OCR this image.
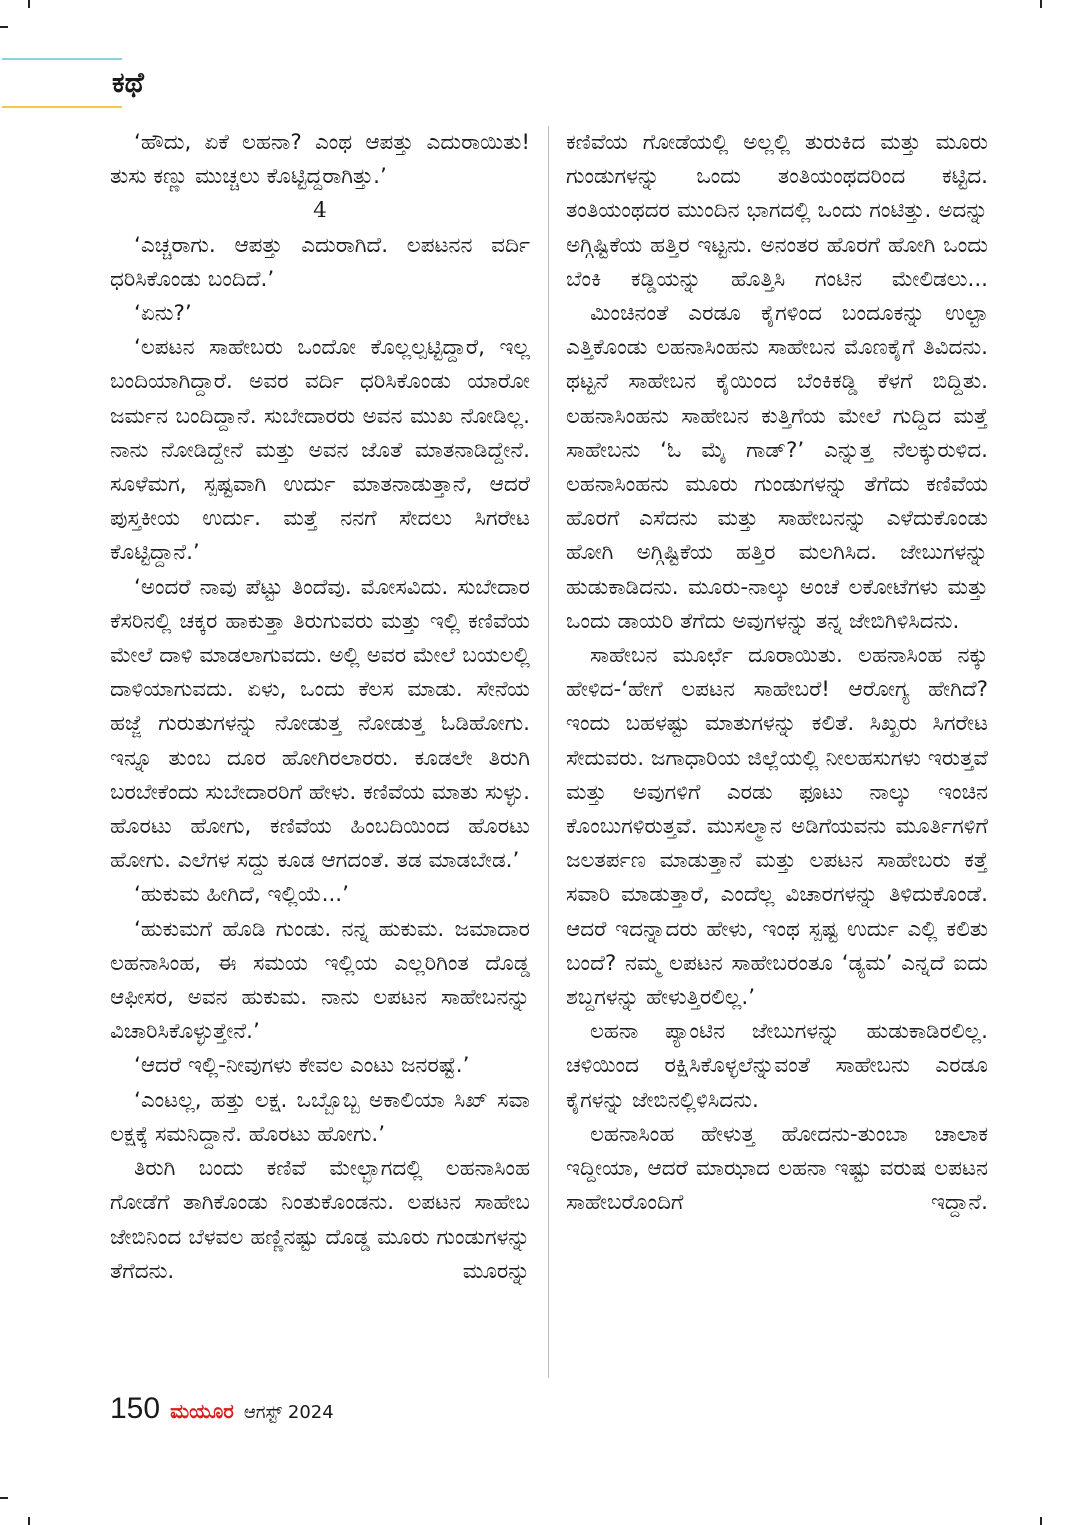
ಕಥೆ

‘ಹೌದು, ಏಕೆ ಲಹನಾ? ಎಂಥ ಆಪತ್ತು ಎದುರಾಯಿತು! ತುಸು ಕಣ್ಣು ಮುಚ್ಚಲು ಕೊಟ್ಟಿದ್ದರಾಗಿತ್ತು.’

4

‘ಎಚ್ಚರಾಗು. ಆಪತ್ತು ಎದುರಾಗಿದೆ. ಲಪಟನನ ವರ್ದಿ ಧರಿಸಿಕೊಂಡು ಬಂದಿದೆ.’

‘ಏನು?’

‘ಲಪಟನ ಸಾಹೇಬರು ಒಂದೋ ಕೊಲ್ಲಲ್ಪಟ್ಟಿದ್ದಾರೆ, ಇಲ್ಲ ಬಂದಿಯಾಗಿದ್ದಾರೆ. ಅವರ ವರ್ದಿ ಧರಿಸಿಕೊಂಡು ಯಾರೋ ಜರ್ಮನ ಬಂದಿದ್ದಾನೆ. ಸುಬೇದಾರರು ಅವನ ಮುಖ ನೋಡಿಲ್ಲ. ನಾನು ನೋಡಿದ್ದೇನೆ ಮತ್ತು ಅವನ ಜೊತೆ ಮಾತನಾಡಿದ್ದೇನೆ. ಸೂಳೆಮಗ, ಸ್ಪಷ್ಟವಾಗಿ ಉರ್ದು ಮಾತನಾಡುತ್ತಾನೆ, ಆದರೆ ಪುಸ್ತಕೀಯ ಉರ್ದು. ಮತ್ತೆ ನನಗೆ ಸೇದಲು ಸಿಗರೇಟ ಕೊಟ್ಟಿದ್ದಾನೆ.’

‘ಅಂದರೆ ನಾವು ಪೆಟ್ಟು ತಿಂದೆವು. ಮೋಸವಿದು. ಸುಬೇದಾರ ಕೆಸರಿನಲ್ಲಿ ಚಕ್ಕರ ಹಾಕುತ್ತಾ ತಿರುಗುವರು ಮತ್ತು ಇಲ್ಲಿ ಕಣಿವೆಯ ಮೇಲೆ ದಾಳಿ ಮಾಡಲಾಗುವದು. ಅಲ್ಲಿ ಅವರ ಮೇಲೆ ಬಯಲಲ್ಲಿ ದಾಳಿಯಾಗುವದು. ಏಳು, ಒಂದು ಕೆಲಸ ಮಾಡು. ಸೇನೆಯ ಹಜ್ಜೆ ಗುರುತುಗಳನ್ನು ನೋಡುತ್ತ ನೋಡುತ್ತ ಓಡಿಹೋಗು. ಇನ್ನೂ ತುಂಬ ದೂರ ಹೋಗಿರಲಾರರು. ಕೂಡಲೇ ತಿರುಗಿ ಬರಬೇಕೆಂದು ಸುಬೇದಾರರಿಗೆ ಹೇಳು. ಕಣಿವೆಯ ಮಾತು ಸುಳ್ಳು. ಹೊರಟು ಹೋಗು, ಕಣಿವೆಯ ಹಿಂಬದಿಯಿಂದ ಹೊರಟು ಹೋಗು. ಎಲೆಗಳ ಸದ್ದು ಕೂಡ ಆಗದಂತೆ. ತಡ ಮಾಡಬೇಡ.’

‘ಹುಕುಮ ಹೀಗಿದೆ, ಇಲ್ಲಿಯೆ...’

‘ಹುಕುಮಗೆ ಹೊಡಿ ಗುಂಡು. ನನ್ನ ಹುಕುಮ. ಜಮಾದಾರ ಲಹನಾಸಿಂಹ, ಈ ಸಮಯ ಇಲ್ಲಿಯ ಎಲ್ಲರಿಗಿಂತ ದೊಡ್ಡ ಆಫೀಸರ, ಅವನ ಹುಕುಮ. ನಾನು ಲಪಟನ ಸಾಹೇಬನನ್ನು ವಿಚಾರಿಸಿಕೊಳ್ಳುತ್ತೇನೆ.’

‘ಆದರೆ ಇಲ್ಲಿ-ನೀವುಗಳು ಕೇವಲ ಎಂಟು ಜನರಷ್ಟೆ.’

‘ಎಂಟಲ್ಲ, ಹತ್ತು ಲಕ್ಷ. ಒಬ್ಬೊಬ್ಬ ಅಕಾಲಿಯಾ ಸಿಖ್ ಸವಾ ಲಕ್ಷಕ್ಕೆ ಸಮನಿದ್ದಾನೆ. ಹೊರಟು ಹೋಗು.’

ತಿರುಗಿ ಬಂದು ಕಣಿವೆ ಮೇಲ್ಭಾಗದಲ್ಲಿ ಲಹನಾಸಿಂಹ ಗೋಡೆಗೆ ತಾಗಿಕೊಂಡು ನಿಂತುಕೊಂಡನು. ಲಪಟನ ಸಾಹೇಬ ಜೇಬಿನಿಂದ ಬೆಳವಲ ಹಣ್ಣಿನಷ್ಟು ದೊಡ್ಡ ಮೂರು ಗುಂಡುಗಳನ್ನು ತೆಗೆದನು. ಮೂರನ್ನು

ಕಣಿವೆಯ ಗೋಡೆಯಲ್ಲಿ ಅಲ್ಲಲ್ಲಿ ತುರುಕಿದ ಮತ್ತು ಮೂರು ಗುಂಡುಗಳನ್ನು ಒಂದು ತಂತಿಯಂಥದರಿಂದ ಕಟ್ಟಿದ. ತಂತಿಯಂಥದರ ಮುಂದಿನ ಭಾಗದಲ್ಲಿ ಒಂದು ಗಂಟಿತ್ತು. ಅದನ್ನು ಅಗ್ಗಿಷ್ಟಿಕೆಯ ಹತ್ತಿರ ಇಟ್ಟನು. ಅನಂತರ ಹೊರಗೆ ಹೋಗಿ ಒಂದು ಬೆಂಕಿ ಕಡ್ಡಿಯನ್ನು ಹೊತ್ತಿಸಿ ಗಂಟಿನ ಮೇಲಿಡಲು...

ಮಿಂಚಿನಂತೆ ಎರಡೂ ಕೈಗಳಿಂದ ಬಂದೂಕನ್ನು ಉಲ್ಟಾ ಎತ್ತಿಕೊಂಡು ಲಹನಾಸಿಂಹನು ಸಾಹೇಬನ ಮೊಣಕೈಗೆ ತಿವಿದನು. ಥಟ್ಟನೆ ಸಾಹೇಬನ ಕೈಯಿಂದ ಬೆಂಕಿಕಡ್ಡಿ ಕೆಳಗೆ ಬಿದ್ದಿತು. ಲಹನಾಸಿಂಹನು ಸಾಹೇಬನ ಕುತ್ತಿಗೆಯ ಮೇಲೆ ಗುದ್ದಿದ ಮತ್ತೆ ಸಾಹೇಬನು ‘ಓ ಮೈ ಗಾಡ್?’ ಎನ್ನುತ್ತ ನೆಲಕ್ಕುರುಳಿದ. ಲಹನಾಸಿಂಹನು ಮೂರು ಗುಂಡುಗಳನ್ನು ತೆಗೆದು ಕಣಿವೆಯ ಹೊರಗೆ ಎಸೆದನು ಮತ್ತು ಸಾಹೇಬನನ್ನು ಎಳೆದುಕೊಂಡು ಹೋಗಿ ಅಗ್ಗಿಷ್ಟಿಕೆಯ ಹತ್ತಿರ ಮಲಗಿಸಿದ. ಜೇಬುಗಳನ್ನು ಹುಡುಕಾಡಿದನು. ಮೂರು-ನಾಲ್ಕು ಅಂಚೆ ಲಕೋಟೆಗಳು ಮತ್ತು ಒಂದು ಡಾಯರಿ ತೆಗೆದು ಅವುಗಳನ್ನು ತನ್ನ ಜೇಬಿಗಿಳಿಸಿದನು.

ಸಾಹೇಬನ ಮೂರ್ಛೆ ದೂರಾಯಿತು. ಲಹನಾಸಿಂಹ ನಕ್ಕು ಹೇಳಿದ-‘ಹೇಗೆ ಲಪಟನ ಸಾಹೇಬರೆ! ಆರೋಗ್ಯ ಹೇಗಿದೆ? ಇಂದು ಬಹಳಷ್ಟು ಮಾತುಗಳನ್ನು ಕಲಿತೆ. ಸಿಖ್ಖರು ಸಿಗರೇಟ ಸೇದುವರು. ಜಗಾಧಾರಿಯ ಜಿಲ್ಲೆಯಲ್ಲಿ ನೀಲಹಸುಗಳು ಇರುತ್ತವೆ ಮತ್ತು ಅವುಗಳಿಗೆ ಎರಡು ಫೂಟು ನಾಲ್ಕು ಇಂಚಿನ ಕೊಂಬುಗಳಿರುತ್ತವೆ. ಮುಸಲ್ಮಾನ ಅಡಿಗೆಯವನು ಮೂರ್ತಿಗಳಿಗೆ ಜಲತರ್ಪಣ ಮಾಡುತ್ತಾನೆ ಮತ್ತು ಲಪಟನ ಸಾಹೇಬರು ಕತ್ತೆ ಸವಾರಿ ಮಾಡುತ್ತಾರೆ, ಎಂದೆಲ್ಲ ವಿಚಾರಗಳನ್ನು ತಿಳಿದುಕೊಂಡೆ. ಆದರೆ ಇದನ್ನಾದರು ಹೇಳು, ಇಂಥ ಸ್ಪಷ್ಟ ಉರ್ದು ಎಲ್ಲಿ ಕಲಿತು ಬಂದೆ? ನಮ್ಮ ಲಪಟನ ಸಾಹೇಬರಂತೂ ‘ಡ್ಯಮ’ ಎನ್ನದೆ ಐದು ಶಬ್ದಗಳನ್ನು ಹೇಳುತ್ತಿರಲಿಲ್ಲ.’

ಲಹನಾ ಪ್ಯಾಂಟಿನ ಜೇಬುಗಳನ್ನು ಹುಡುಕಾಡಿರಲಿಲ್ಲ. ಚಳಿಯಿಂದ ರಕ್ಷಿಸಿಕೊಳ್ಳಲೆನ್ನುವಂತೆ ಸಾಹೇಬನು ಎರಡೂ ಕೈಗಳನ್ನು ಜೇಬಿನಲ್ಲಿಳಿಸಿದನು.

ಲಹನಾಸಿಂಹ ಹೇಳುತ್ತ ಹೋದನು-ತುಂಬಾ ಚಾಲಾಕ ಇದ್ದೀಯಾ, ಆದರೆ ಮಾಝಾದ ಲಹನಾ ಇಷ್ಟು ವರುಷ ಲಪಟನ ಸಾಹೇಬರೊಂದಿಗೆ ಇದ್ದಾನೆ.

150 ಮಯೂರ ಆಗಸ್ಟ್ 2024
